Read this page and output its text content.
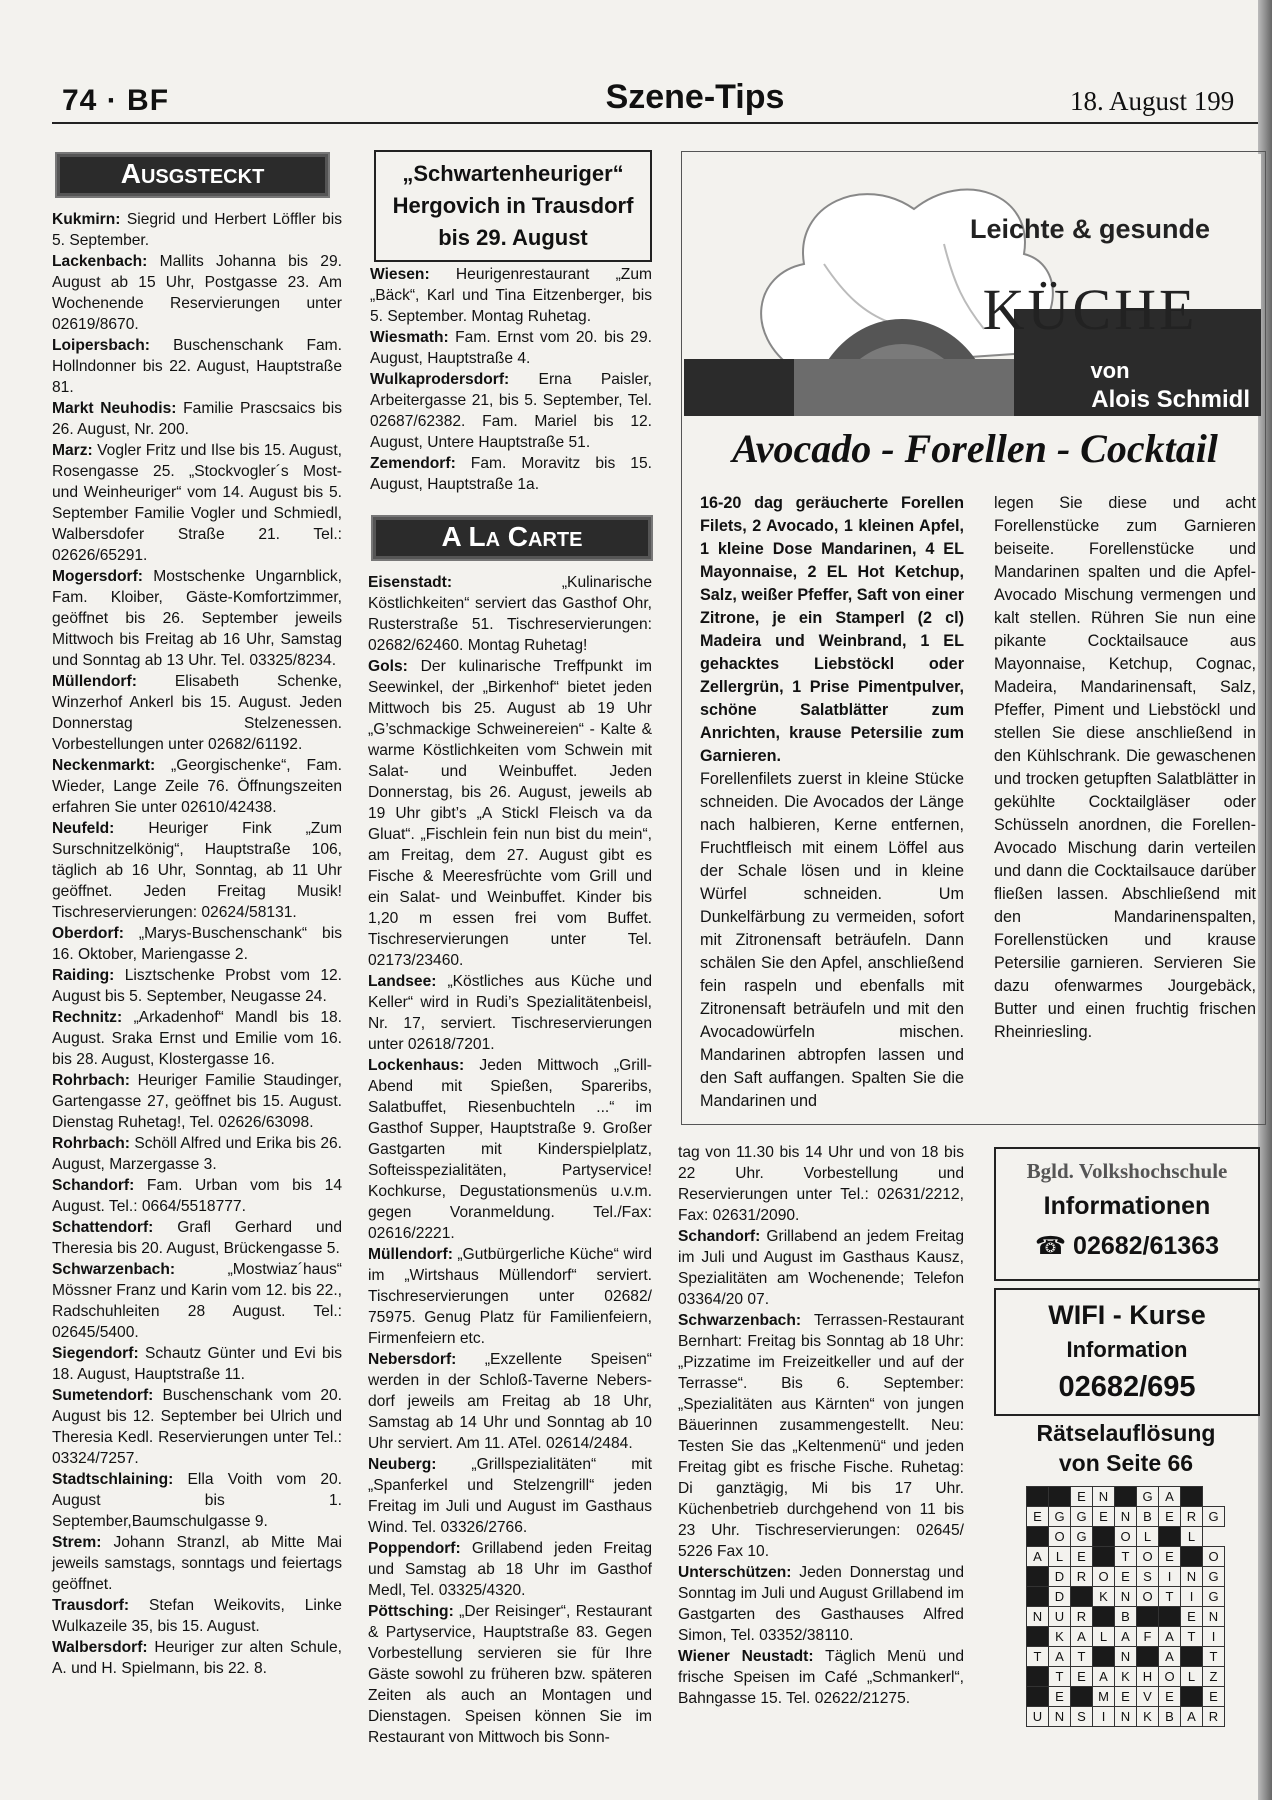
74 · BF	Szene-Tips	18. August 199
Ausgsteckt

Kukmirn: Siegrid und Herbert Löffler bis 5. September.

Lackenbach: Mallits Johanna bis 29. August ab 15 Uhr, Postgasse 23. Am Wochenende Reservierungen unter 02619/8670.

Loipersbach: Buschenschank Fam. Hollndonner bis 22. August, Hauptstraße 81.

Markt Neuhodis: Familie Prascsaics bis 26. August, Nr. 200.

Marz: Vogler Fritz und Ilse bis 15. August, Rosengasse 25. „Stockvogler´s Most- und Weinheuriger“ vom 14. August bis 5. September Familie Vogler und Schmiedl, Walbersdofer Straße 21. Tel.: 02626/65291.

Mogersdorf: Mostschenke Ungarnblick, Fam. Kloiber, Gäste-Komfortzimmer, geöffnet bis 26. September jeweils Mittwoch bis Freitag ab 16 Uhr, Samstag und Sonntag ab 13 Uhr. Tel. 03325/8234.

Müllendorf: Elisabeth Schenke, Winzerhof Ankerl bis 15. August. Jeden Donnerstag Stelzenessen. Vorbestellungen unter 02682/61192.

Neckenmarkt: „Georgischenke“, Fam. Wieder, Lange Zeile 76. Öffnungszeiten erfahren Sie unter 02610/42438.

Neufeld: Heuriger Fink „Zum Surschnitzelkönig“, Hauptstraße 106, täglich ab 16 Uhr, Sonntag, ab 11 Uhr geöffnet. Jeden Freitag Musik! Tischreservierungen: 02624/58131.

Oberdorf: „Marys-Buschenschank“ bis 16. Oktober, Mariengasse 2.

Raiding: Lisztschenke Probst vom 12. August bis 5. September, Neugasse 24.

Rechnitz: „Arkadenhof“ Mandl bis 18. August. Sraka Ernst und Emilie vom 16. bis 28. August, Klostergasse 16.

Rohrbach: Heuriger Familie Staudinger, Gartengasse 27, geöffnet bis 15. August. Dienstag Ruhetag!, Tel. 02626/63098.

Rohrbach: Schöll Alfred und Erika bis 26. August, Marzergasse 3.

Schandorf: Fam. Urban vom bis 14 August. Tel.: 0664/5518777.

Schattendorf: Grafl Gerhard und Theresia bis 20. August, Brückengasse 5.

Schwarzenbach: „Mostwiaz´haus“ Mössner Franz und Karin vom 12. bis 22., Radschuhleiten 28 August. Tel.: 02645/5400.

Siegendorf: Schautz Günter und Evi bis 18. August, Hauptstraße 11.

Sumetendorf: Buschenschank vom 20. August bis 12. September bei Ulrich und Theresia Kedl. Reservierungen unter Tel.: 03324/7257.

Stadtschlaining: Ella Voith vom 20. August bis 1. September,Baumschulgasse 9.

Strem: Johann Stranzl, ab Mitte Mai jeweils samstags, sonntags und feiertags geöffnet.

Trausdorf: Stefan Weikovits, Linke Wulkazeile 35, bis 15. August.

Walbersdorf: Heuriger zur alten Schule, A. und H. Spielmann, bis 22. 8.

„Schwartenheuriger“ Hergovich in Trausdorf bis 29. August

Wiesen: Heurigenrestaurant „Zum „Bäck“, Karl und Tina Eitzenberger, bis 5. September. Montag Ruhetag.

Wiesmath: Fam. Ernst vom 20. bis 29. August, Hauptstraße 4.

Wulkaprodersdorf: Erna Paisler, Arbeitergasse 21, bis 5. September, Tel. 02687/62382. Fam. Mariel bis 12. August, Untere Hauptstraße 51.

Zemendorf: Fam. Moravitz bis 15. August, Hauptstraße 1a.

A La Carte

Eisenstadt: „Kulinarische Köstlichkeiten“ serviert das Gasthof Ohr, Rusterstraße 51. Tischreservierungen: 02682/62460. Montag Ruhetag!

Gols: Der kulinarische Treffpunkt im Seewinkel, der „Birkenhof“ bietet jeden Mittwoch bis 25. August ab 19 Uhr „G’schmackige Schweinereien“ - Kalte & warme Köstlichkeiten vom Schwein mit Salat- und Weinbuffet. Jeden Donnerstag, bis 26. August, jeweils ab 19 Uhr gibt’s „A Stickl Fleisch va da Gluat“. „Fischlein fein nun bist du mein“, am Freitag, dem 27. August gibt es Fische & Meeresfrüchte vom Grill und ein Salat- und Weinbuffet. Kinder bis 1,20 m essen frei vom Buffet. Tischreservierungen unter Tel. 02173/23460.

Landsee: „Köstliches aus Küche und Keller“ wird in Rudi’s Spezialitätenbeisl, Nr. 17, serviert. Tischreservierungen unter 02618/7201.

Lockenhaus: Jeden Mittwoch „Grill-Abend mit Spießen, Spareribs, Salatbuffet, Riesenbuchteln ...“ im Gasthof Supper, Hauptstraße 9. Großer Gastgarten mit Kinderspielplatz, Softeisspezialitäten, Partyservice! Kochkurse, Degustationsmenüs u.v.m. gegen Voranmeldung. Tel./Fax: 02616/2221.

Müllendorf: „Gutbürgerliche Küche“ wird im „Wirtshaus Müllendorf“ serviert. Tischreservierungen unter 02682/ 75975. Genug Platz für Familienfeiern, Firmenfeiern etc.

Nebersdorf: „Exzellente Speisen“ werden in der Schloß-Taverne Nebers-dorf jeweils am Freitag ab 18 Uhr, Samstag ab 14 Uhr und Sonntag ab 10 Uhr serviert. Am 11. ATel. 02614/2484.

Neuberg: „Grillspezialitäten“ mit „Spanferkel und Stelzengrill“ jeden Freitag im Juli und August im Gasthaus Wind. Tel. 03326/2766.

Poppendorf: Grillabend jeden Freitag und Samstag ab 18 Uhr im Gasthof Medl, Tel. 03325/4320.

Pöttsching: „Der Reisinger“, Restaurant & Partyservice, Hauptstraße 83. Gegen Vorbestellung servieren sie für Ihre Gäste sowohl zu früheren bzw. späteren Zeiten als auch an Montagen und Dienstagen. Speisen können Sie im Restaurant von Mittwoch bis Sonn-

Leichte & gesunde
KÜCHE
von
Alois Schmidl
Avocado - Forellen - Cocktail

16-20 dag geräucherte Forellen Filets, 2 Avocado, 1 kleinen Apfel, 1 kleine Dose Mandarinen, 4 EL Mayonnaise, 2 EL Hot Ketchup, Salz, weißer Pfeffer, Saft von einer Zitrone, je ein Stamperl (2 cl) Madeira und Weinbrand, 1 EL gehacktes Liebstöckl oder Zellergrün, 1 Prise Pimentpulver, schöne Salatblätter zum Anrichten, krause Petersilie zum Garnieren.

Forellenfilets zuerst in kleine Stücke schneiden. Die Avocados der Länge nach halbieren, Kerne entfernen, Fruchtfleisch mit einem Löffel aus der Schale lösen und in kleine Würfel schneiden. Um Dunkelfärbung zu vermeiden, sofort mit Zitronensaft beträufeln. Dann schälen Sie den Apfel, anschließend fein raspeln und ebenfalls mit Zitronensaft beträufeln und mit den Avocadowürfeln mischen. Mandarinen abtropfen lassen und den Saft auffangen. Spalten Sie die Mandarinen und

legen Sie diese und acht Forellenstücke zum Garnieren beiseite. Forellenstücke und Mandarinen spalten und die Apfel-Avocado Mischung vermengen und kalt stellen. Rühren Sie nun eine pikante Cocktailsauce aus Mayonnaise, Ketchup, Cognac, Madeira, Mandarinensaft, Salz, Pfeffer, Piment und Liebstöckl und stellen Sie diese anschließend in den Kühlschrank. Die gewaschenen und trocken getupften Salatblätter in gekühlte Cocktailgläser oder Schüsseln anordnen, die Forellen-Avocado Mischung darin verteilen und dann die Cocktailsauce darüber fließen lassen. Abschließend mit den Mandarinenspalten, Forellenstücken und krause Petersilie garnieren. Servieren Sie dazu ofenwarmes Jourgebäck, Butter und einen fruchtig frischen Rheinriesling.

tag von 11.30 bis 14 Uhr und von 18 bis 22 Uhr. Vorbestellung und Reservierungen unter Tel.: 02631/2212, Fax: 02631/2090.

Schandorf: Grillabend an jedem Freitag im Juli und August im Gasthaus Kausz, Spezialitäten am Wochenende; Telefon 03364/20 07.

Schwarzenbach: Terrassen-Restaurant Bernhart: Freitag bis Sonntag ab 18 Uhr: „Pizzatime im Freizeitkeller und auf der Terrasse“. Bis 6. September: „Spezialitäten aus Kärnten“ von jungen Bäuerinnen zusammengestellt. Neu: Testen Sie das „Keltenmenü“ und jeden Freitag gibt es frische Fische. Ruhetag: Di ganztägig, Mi bis 17 Uhr. Küchenbetrieb durchgehend von 11 bis 23 Uhr. Tischreservierungen: 02645/ 5226 Fax 10.

Unterschützen: Jeden Donnerstag und Sonntag im Juli und August Grillabend im Gastgarten des Gasthauses Alfred Simon, Tel. 03352/38110.

Wiener Neustadt: Täglich Menü und frische Speisen im Café „Schmankerl“, Bahngasse 15. Tel. 02622/21275.

Bgld. Volkshochschule
Informationen
☎ 02682/61363
WIFI - Kurse
Information
02682/695
Rätselauflösung
von Seite 66
		E	N		G	A		
E	G	G	E	N	B	E	R	G
	O	G		O	L		L	
A	L	E		T	O	E		O
	D	R	O	E	S	I	N	G
	D		K	N	O	T	I	G
N	U	R		B			E	N
	K	A	L	A	F	A	T	I
T	A	T		N		A		T
	T	E	A	K	H	O	L	Z
	E		M	E	V	E		E
U	N	S	I	N	K	B	A	R
